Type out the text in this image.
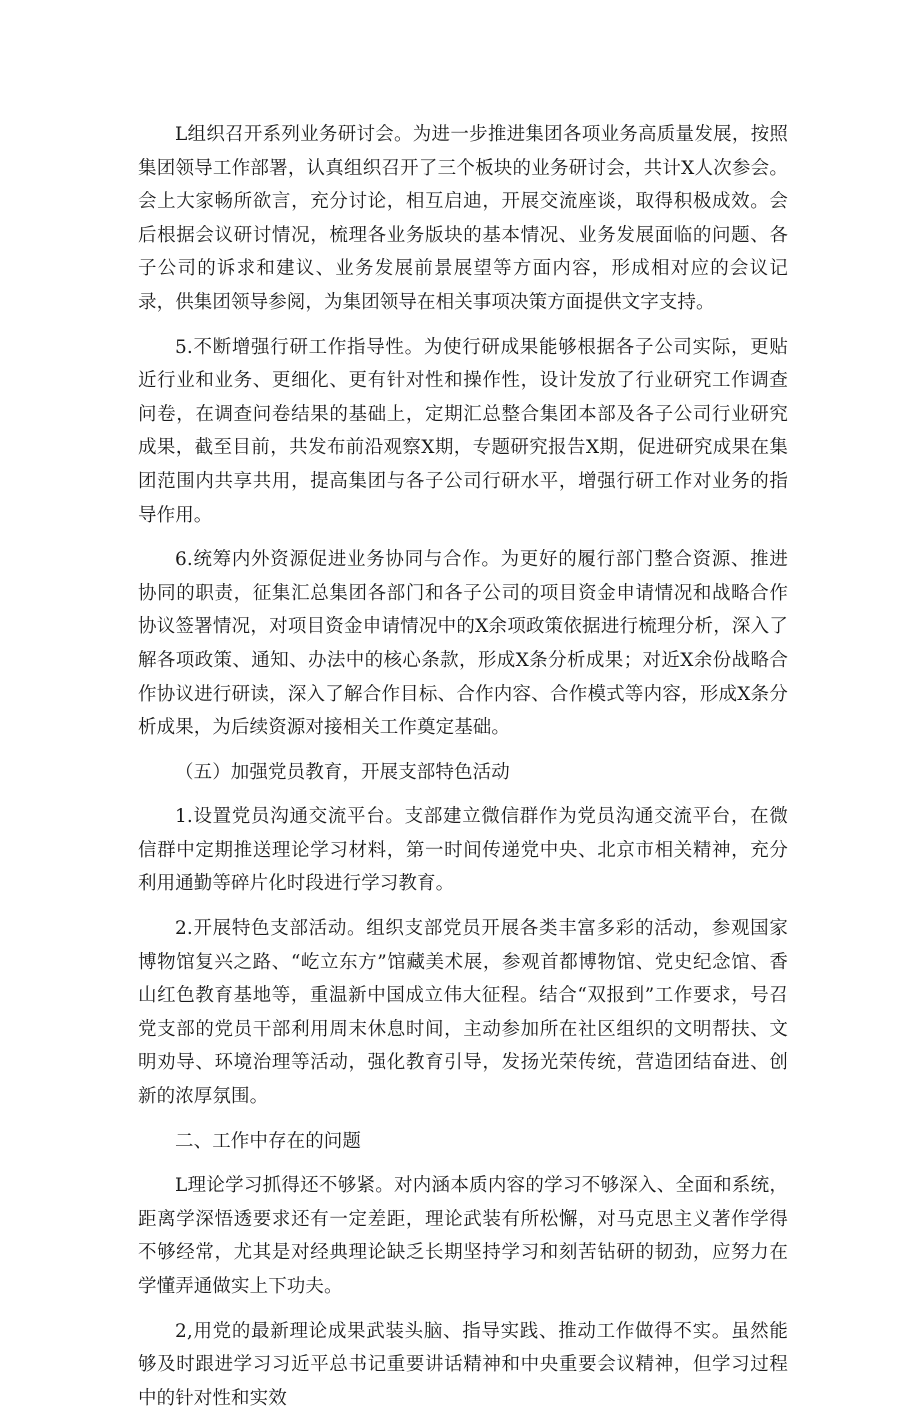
L组织召开系列业务研讨会。为进一步推进集团各项业务高质量发展，按照集团领导工作部署，认真组织召开了三个板块的业务研讨会，共计X人次参会。会上大家畅所欲言，充分讨论，相互启迪，开展交流座谈，取得积极成效。会后根据会议研讨情况，梳理各业务版块的基本情况、业务发展面临的问题、各子公司的诉求和建议、业务发展前景展望等方面内容，形成相对应的会议记录，供集团领导参阅，为集团领导在相关事项决策方面提供文字支持。

5.不断增强行研工作指导性。为使行研成果能够根据各子公司实际，更贴近行业和业务、更细化、更有针对性和操作性，设计发放了行业研究工作调查问卷，在调查问卷结果的基础上，定期汇总整合集团本部及各子公司行业研究成果，截至目前，共发布前沿观察X期，专题研究报告X期，促进研究成果在集团范围内共享共用，提高集团与各子公司行研水平，增强行研工作对业务的指导作用。

6.统筹内外资源促进业务协同与合作。为更好的履行部门整合资源、推进协同的职责，征集汇总集团各部门和各子公司的项目资金申请情况和战略合作协议签署情况，对项目资金申请情况中的X余项政策依据进行梳理分析，深入了解各项政策、通知、办法中的核心条款，形成X条分析成果；对近X余份战略合作协议进行研读，深入了解合作目标、合作内容、合作模式等内容，形成X条分析成果，为后续资源对接相关工作奠定基础。

（五）加强党员教育，开展支部特色活动

1.设置党员沟通交流平台。支部建立微信群作为党员沟通交流平台，在微信群中定期推送理论学习材料，第一时间传递党中央、北京市相关精神，充分利用通勤等碎片化时段进行学习教育。

2.开展特色支部活动。组织支部党员开展各类丰富多彩的活动，参观国家博物馆复兴之路、“屹立东方”馆藏美术展，参观首都博物馆、党史纪念馆、香山红色教育基地等，重温新中国成立伟大征程。结合“双报到”工作要求，号召党支部的党员干部利用周末休息时间，主动参加所在社区组织的文明帮扶、文明劝导、环境治理等活动，强化教育引导，发扬光荣传统，营造团结奋进、创新的浓厚氛围。

二、工作中存在的问题

L理论学习抓得还不够紧。对内涵本质内容的学习不够深入、全面和系统，距离学深悟透要求还有一定差距，理论武装有所松懈，对马克思主义著作学得不够经常，尤其是对经典理论缺乏长期坚持学习和刻苦钻研的韧劲，应努力在学懂弄通做实上下功夫。

2,用党的最新理论成果武装头脑、指导实践、推动工作做得不实。虽然能够及时跟进学习习近平总书记重要讲话精神和中央重要会议精神，但学习过程中的针对性和实效
